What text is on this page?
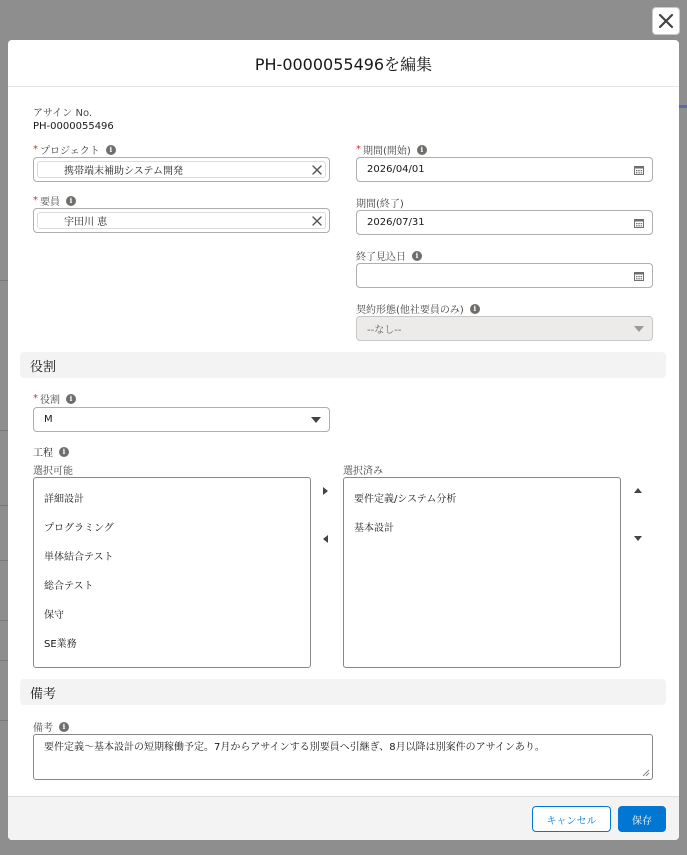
PH-0000055496を編集
アサイン No.
PH-0000055496
* プロジェクト	i
携帯端末補助システム開発
* 要員	i
宇田川 恵
* 期間(開始)	i
2026/04/01
期間(終了)
2026/07/31
終了見込日	i
契約形態(他社要員のみ)	i
--なし--
役割
* 役割	i
M
工程	i
選択可能	選択済み
詳細設計
プログラミング
単体結合テスト
総合テスト
保守
SE業務
要件定義/システム分析
基本設計
備考
備考	i
要件定義〜基本設計の短期稼働予定。7月からアサインする別要員へ引継ぎ、8月以降は別案件のアサインあり。
キャンセル	保存
